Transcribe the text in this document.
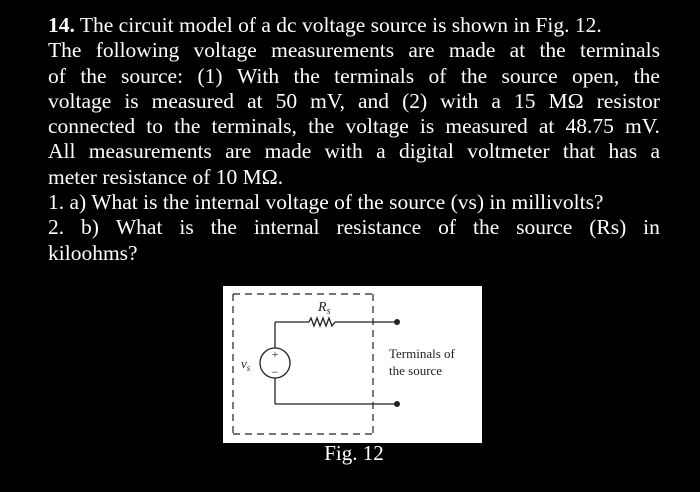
14. The circuit model of a dc voltage source is shown in Fig. 12.
The following voltage measurements are made at the terminals
of the source: (1) With the terminals of the source open, the
voltage is measured at 50 mV, and (2) with a 15 MΩ resistor
connected to the terminals, the voltage is measured at 48.75 mV.
All measurements are made with a digital voltmeter that has a
meter resistance of 10 MΩ.
1. a) What is the internal voltage of the source (vs) in millivolts?
2. b) What is the internal resistance of the source (Rs) in
kiloohms?
+
−
$R_s$
$v_s$
Terminals of
the source
Fig. 12
